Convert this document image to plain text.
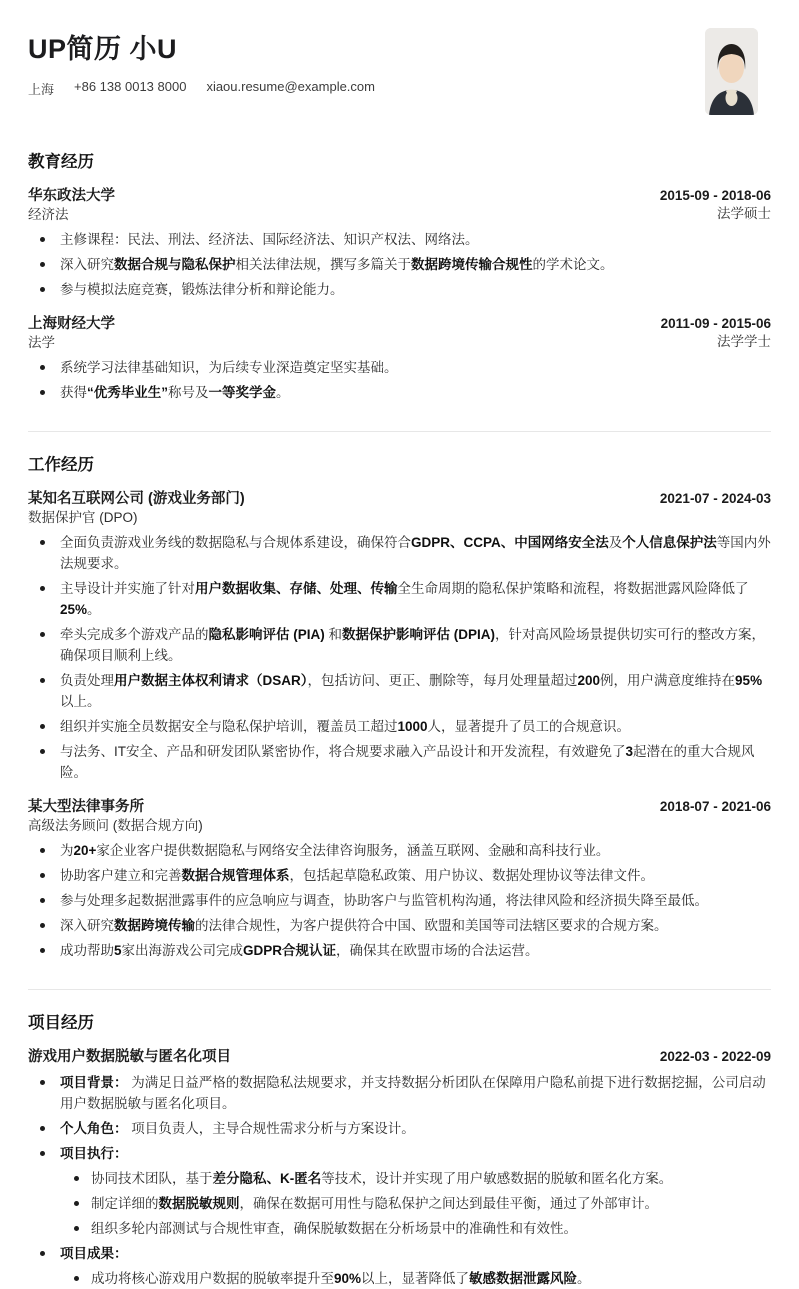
UP简历 小U
上海 +86 138 0013 8000 xiaou.resume@example.com
教育经历
华东政法大学
经济法
2015-09 - 2018-06
法学硕士
主修课程：民法、刑法、经济法、国际经济法、知识产权法、网络法。
深入研究数据合规与隐私保护相关法律法规，撰写多篇关于数据跨境传输合规性的学术论文。
参与模拟法庭竞赛，锻炼法律分析和辩论能力。
上海财经大学
法学
2011-09 - 2015-06
法学学士
系统学习法律基础知识，为后续专业深造奠定坚实基础。
获得“优秀毕业生”称号及一等奖学金。
工作经历
某知名互联网公司 (游戏业务部门)
数据保护官 (DPO)
2021-07 - 2024-03
全面负责游戏业务线的数据隐私与合规体系建设，确保符合GDPR、CCPA、中国网络安全法及个人信息保护法等国内外法规要求。
主导设计并实施了针对用户数据收集、存储、处理、传输全生命周期的隐私保护策略和流程，将数据泄露风险降低了25%。
牵头完成多个游戏产品的隐私影响评估 (PIA) 和数据保护影响评估 (DPIA)，针对高风险场景提供切实可行的整改方案，确保项目顺利上线。
负责处理用户数据主体权利请求（DSAR），包括访问、更正、删除等，每月处理量超过200例，用户满意度维持在95%以上。
组织并实施全员数据安全与隐私保护培训，覆盖员工超过1000人，显著提升了员工的合规意识。
与法务、IT安全、产品和研发团队紧密协作，将合规要求融入产品设计和开发流程，有效避免了3起潜在的重大合规风险。
某大型法律事务所
高级法务顾问 (数据合规方向)
2018-07 - 2021-06
为20+家企业客户提供数据隐私与网络安全法律咨询服务，涵盖互联网、金融和高科技行业。
协助客户建立和完善数据合规管理体系，包括起草隐私政策、用户协议、数据处理协议等法律文件。
参与处理多起数据泄露事件的应急响应与调查，协助客户与监管机构沟通，将法律风险和经济损失降至最低。
深入研究数据跨境传输的法律合规性，为客户提供符合中国、欧盟和美国等司法辖区要求的合规方案。
成功帮助5家出海游戏公司完成GDPR合规认证，确保其在欧盟市场的合法运营。
项目经历
游戏用户数据脱敏与匿名化项目	2022-03 - 2022-09
项目背景： 为满足日益严格的数据隐私法规要求，并支持数据分析团队在保障用户隐私前提下进行数据挖掘，公司启动用户数据脱敏与匿名化项目。
个人角色： 项目负责人，主导合规性需求分析与方案设计。
项目执行：
协同技术团队，基于差分隐私、K-匿名等技术，设计并实现了用户敏感数据的脱敏和匿名化方案。
制定详细的数据脱敏规则，确保在数据可用性与隐私保护之间达到最佳平衡，通过了外部审计。
组织多轮内部测试与合规性审查，确保脱敏数据在分析场景中的准确性和有效性。
项目成果：
成功将核心游戏用户数据的脱敏率提升至90%以上，显著降低了敏感数据泄露风险。
